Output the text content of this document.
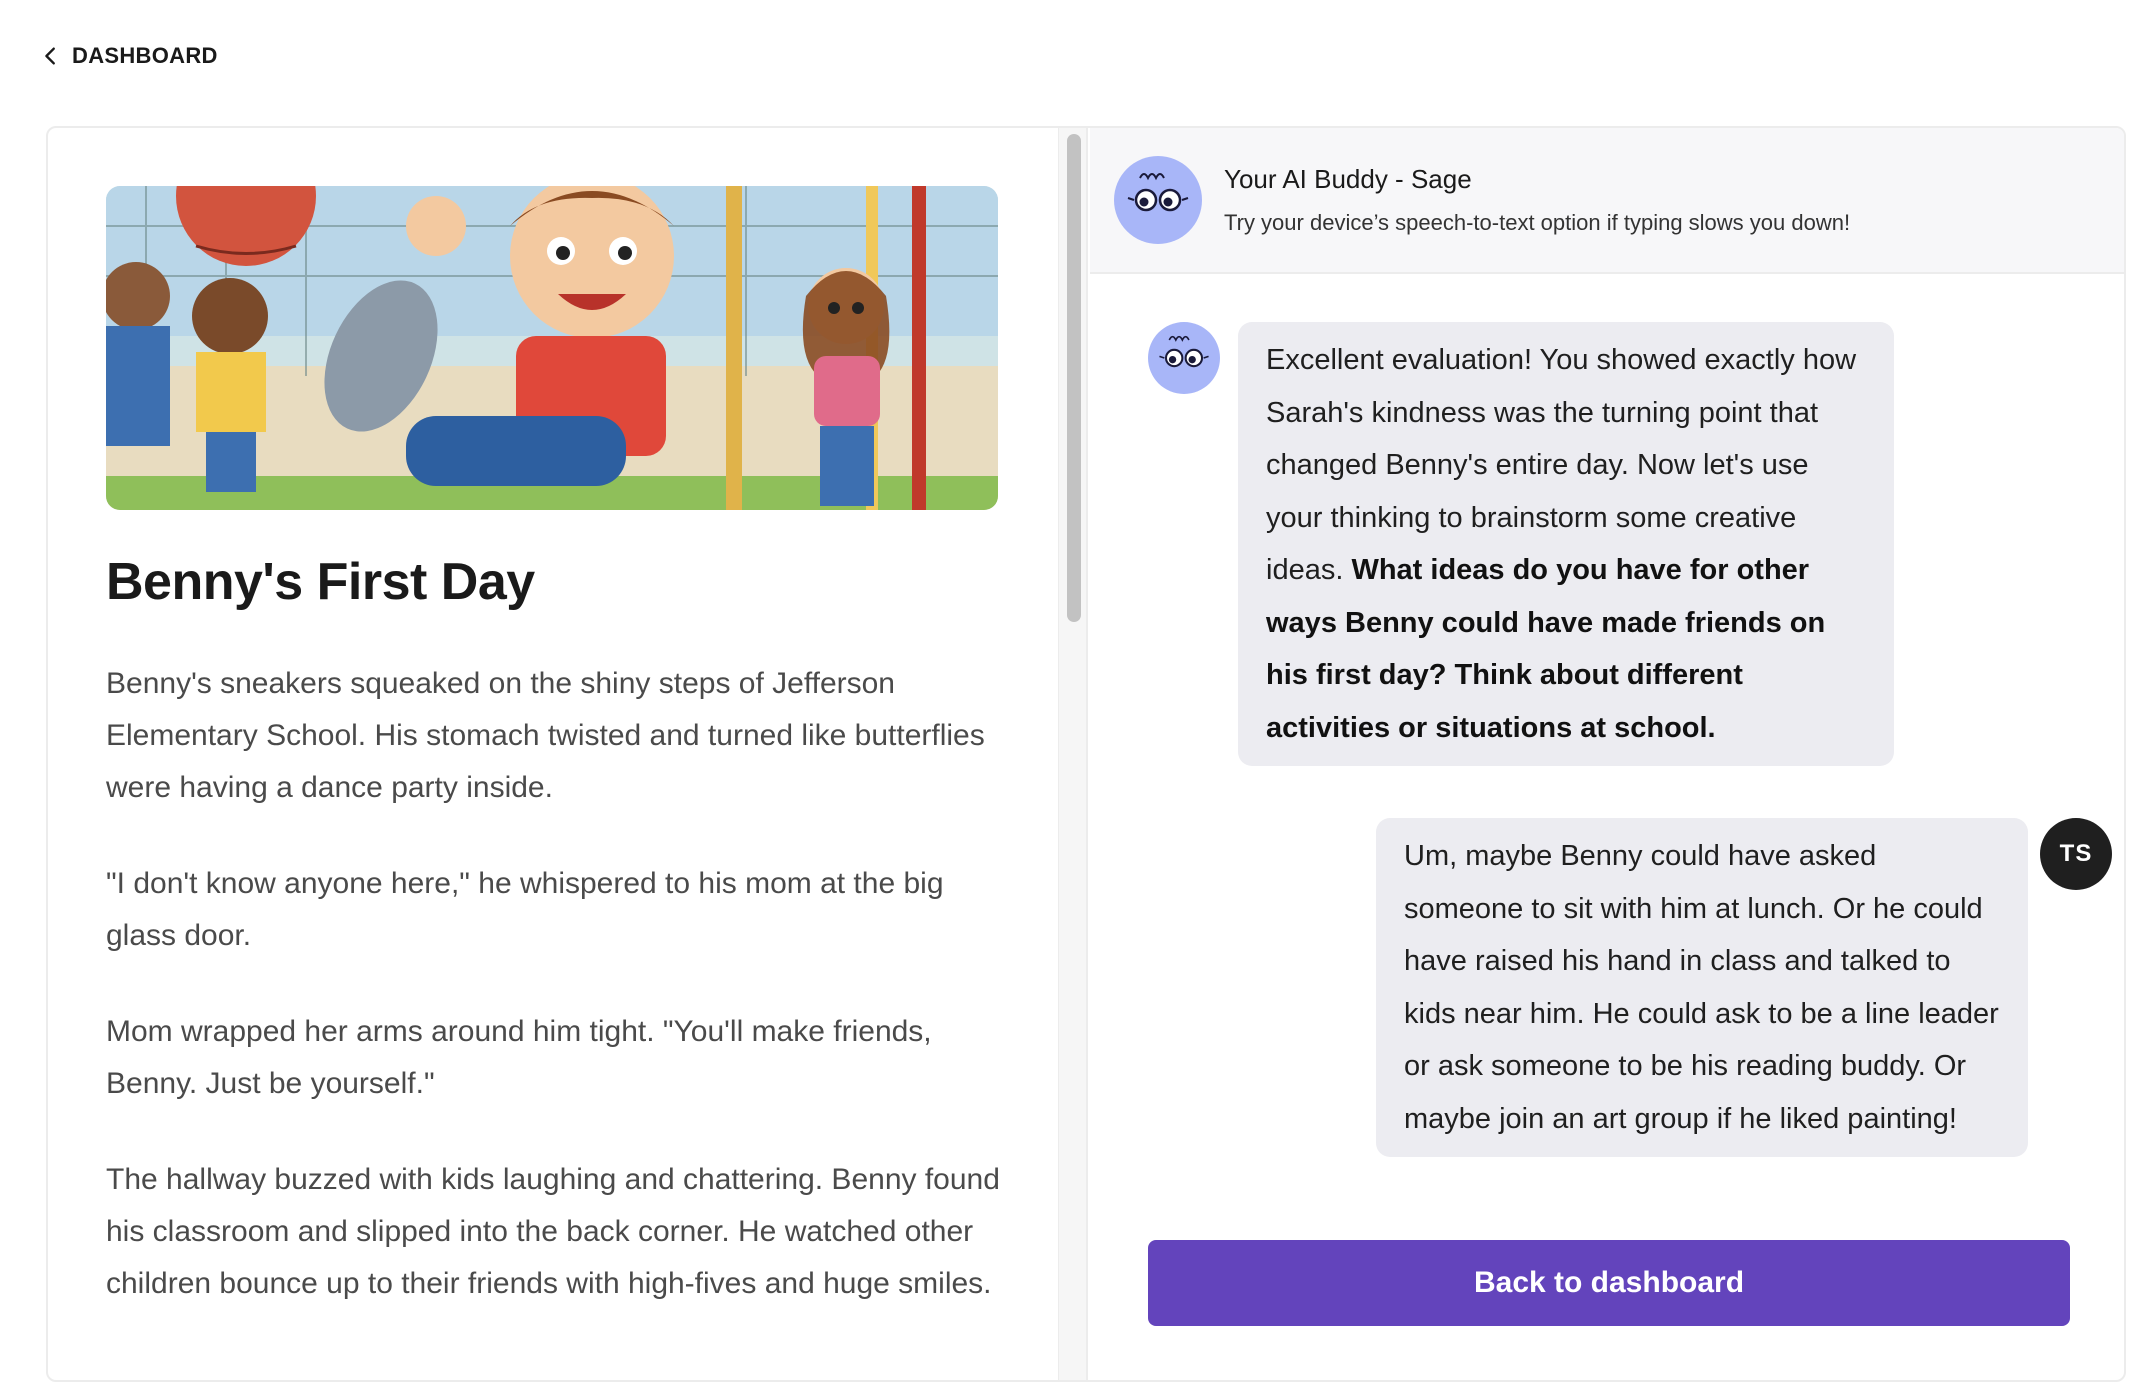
DASHBOARD
Benny's First Day

Benny's sneakers squeaked on the shiny steps of Jefferson Elementary School. His stomach twisted and turned like butterflies were having a dance party inside.

"I don't know anyone here," he whispered to his mom at the big glass door.

Mom wrapped her arms around him tight. "You'll make friends, Benny. Just be yourself."

The hallway buzzed with kids laughing and chattering. Benny found his classroom and slipped into the back corner. He watched other children bounce up to their friends with high-fives and huge smiles.

Your AI Buddy - Sage
Try your device’s speech-to-text option if typing slows you down!
Excellent evaluation! You showed exactly how Sarah's kindness was the turning point that changed Benny's entire day. Now let's use your thinking to brainstorm some creative ideas. What ideas do you have for other ways Benny could have made friends on his first day? Think about different activities or situations at school.
Um, maybe Benny could have asked someone to sit with him at lunch. Or he could have raised his hand in class and talked to kids near him. He could ask to be a line leader or ask someone to be his reading buddy. Or maybe join an art group if he liked painting!
TS
Back to dashboard
